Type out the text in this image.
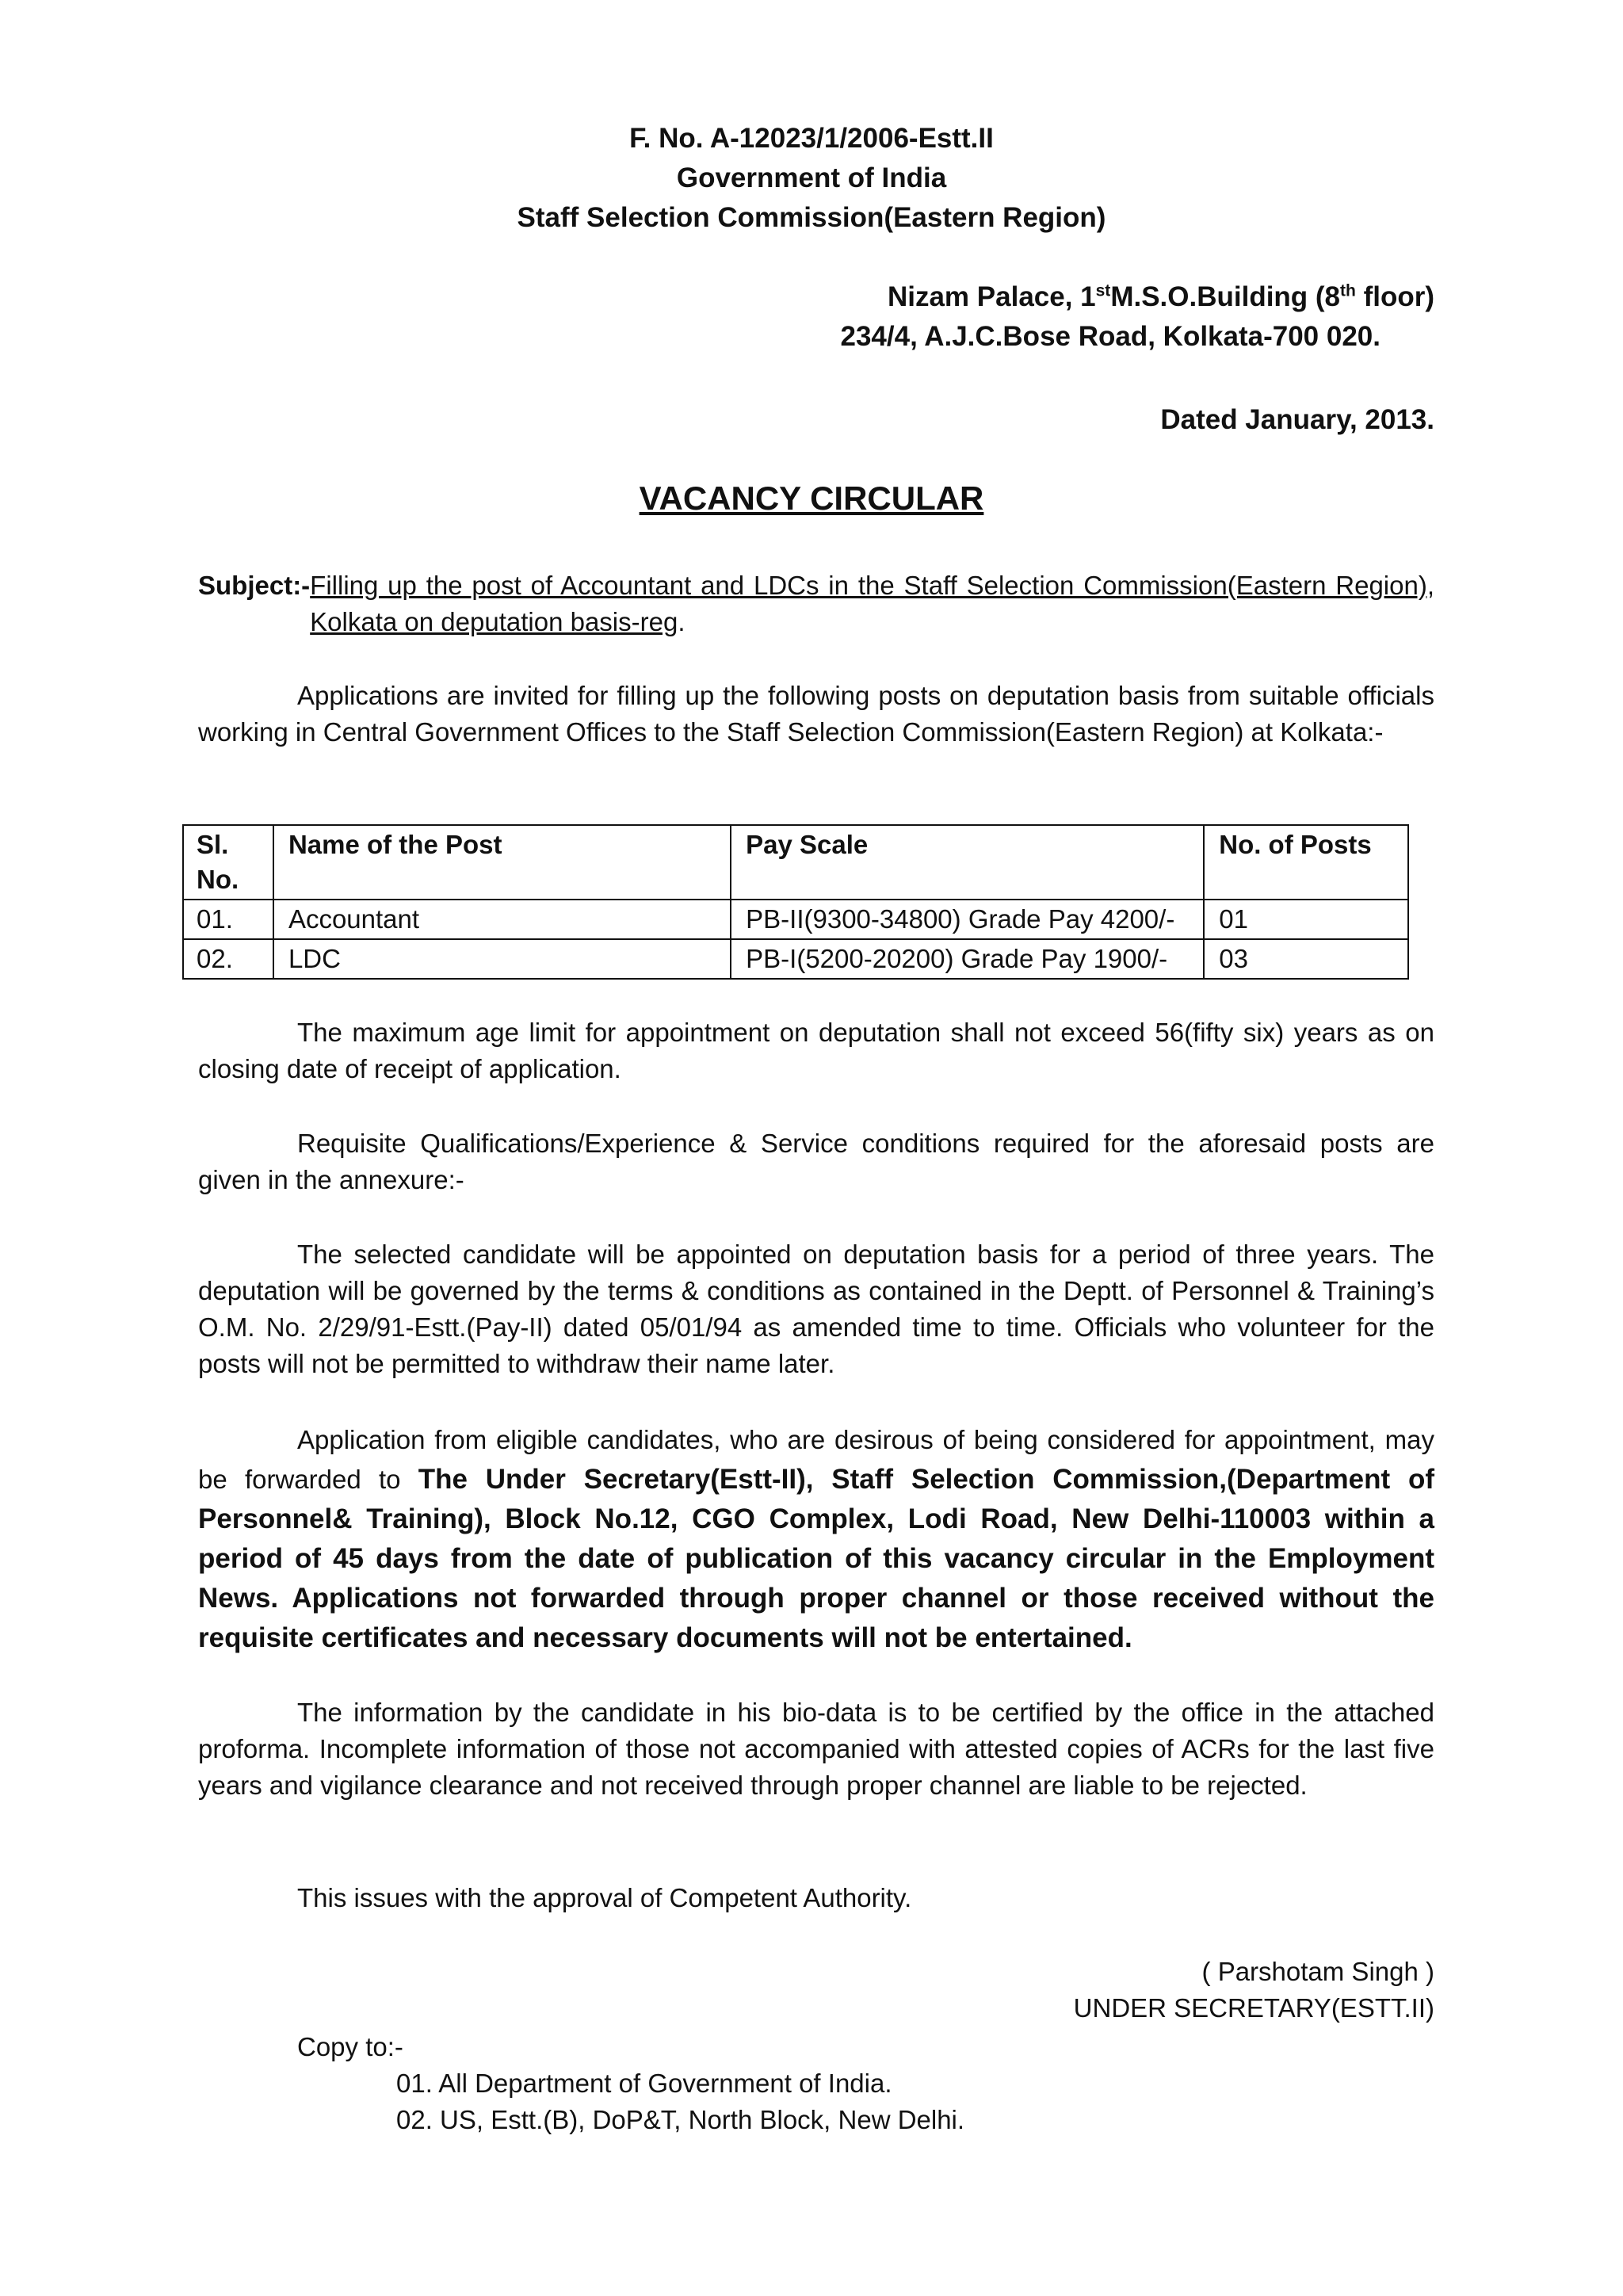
F. No. A-12023/1/2006-Estt.II
Government of India
Staff Selection Commission(Eastern Region)
Nizam Palace, 1stM.S.O.Building (8th floor)
234/4, A.J.C.Bose Road, Kolkata-700 020.
Dated January, 2013.
VACANCY CIRCULAR
Subject:- Filling up the post of Accountant and LDCs in the Staff Selection Commission(Eastern Region), Kolkata on deputation basis-reg.
Applications are invited for filling up the following posts on deputation basis from suitable officials working in Central Government Offices to the Staff Selection Commission(Eastern Region) at Kolkata:-
Sl. No.	Name of the Post	Pay Scale	No. of Posts
01.	Accountant	PB-II(9300-34800) Grade Pay 4200/-	01
02.	LDC	PB-I(5200-20200) Grade Pay 1900/-	03
The maximum age limit for appointment on deputation shall not exceed 56(fifty six) years as on closing date of receipt of application.
Requisite Qualifications/Experience & Service conditions required for the aforesaid posts are given in the annexure:-
The selected candidate will be appointed on deputation basis for a period of three years. The deputation will be governed by the terms & conditions as contained in the Deptt. of Personnel & Training’s O.M. No. 2/29/91-Estt.(Pay-II) dated 05/01/94 as amended time to time. Officials who volunteer for the posts will not be permitted to withdraw their name later.
Application from eligible candidates, who are desirous of being considered for appointment, may be forwarded to The Under Secretary(Estt-II), Staff Selection Commission,(Department of Personnel& Training), Block No.12, CGO Complex, Lodi Road, New Delhi-110003 within a period of 45 days from the date of publication of this vacancy circular in the Employment News. Applications not forwarded through proper channel or those received without the requisite certificates and necessary documents will not be entertained.
The information by the candidate in his bio-data is to be certified by the office in the attached proforma. Incomplete information of those not accompanied with attested copies of ACRs for the last five years and vigilance clearance and not received through proper channel are liable to be rejected.
This issues with the approval of Competent Authority.
( Parshotam Singh )
UNDER SECRETARY(ESTT.II)
Copy to:-
01. All Department of Government of India.
02. US, Estt.(B), DoP&T, North Block, New Delhi.
